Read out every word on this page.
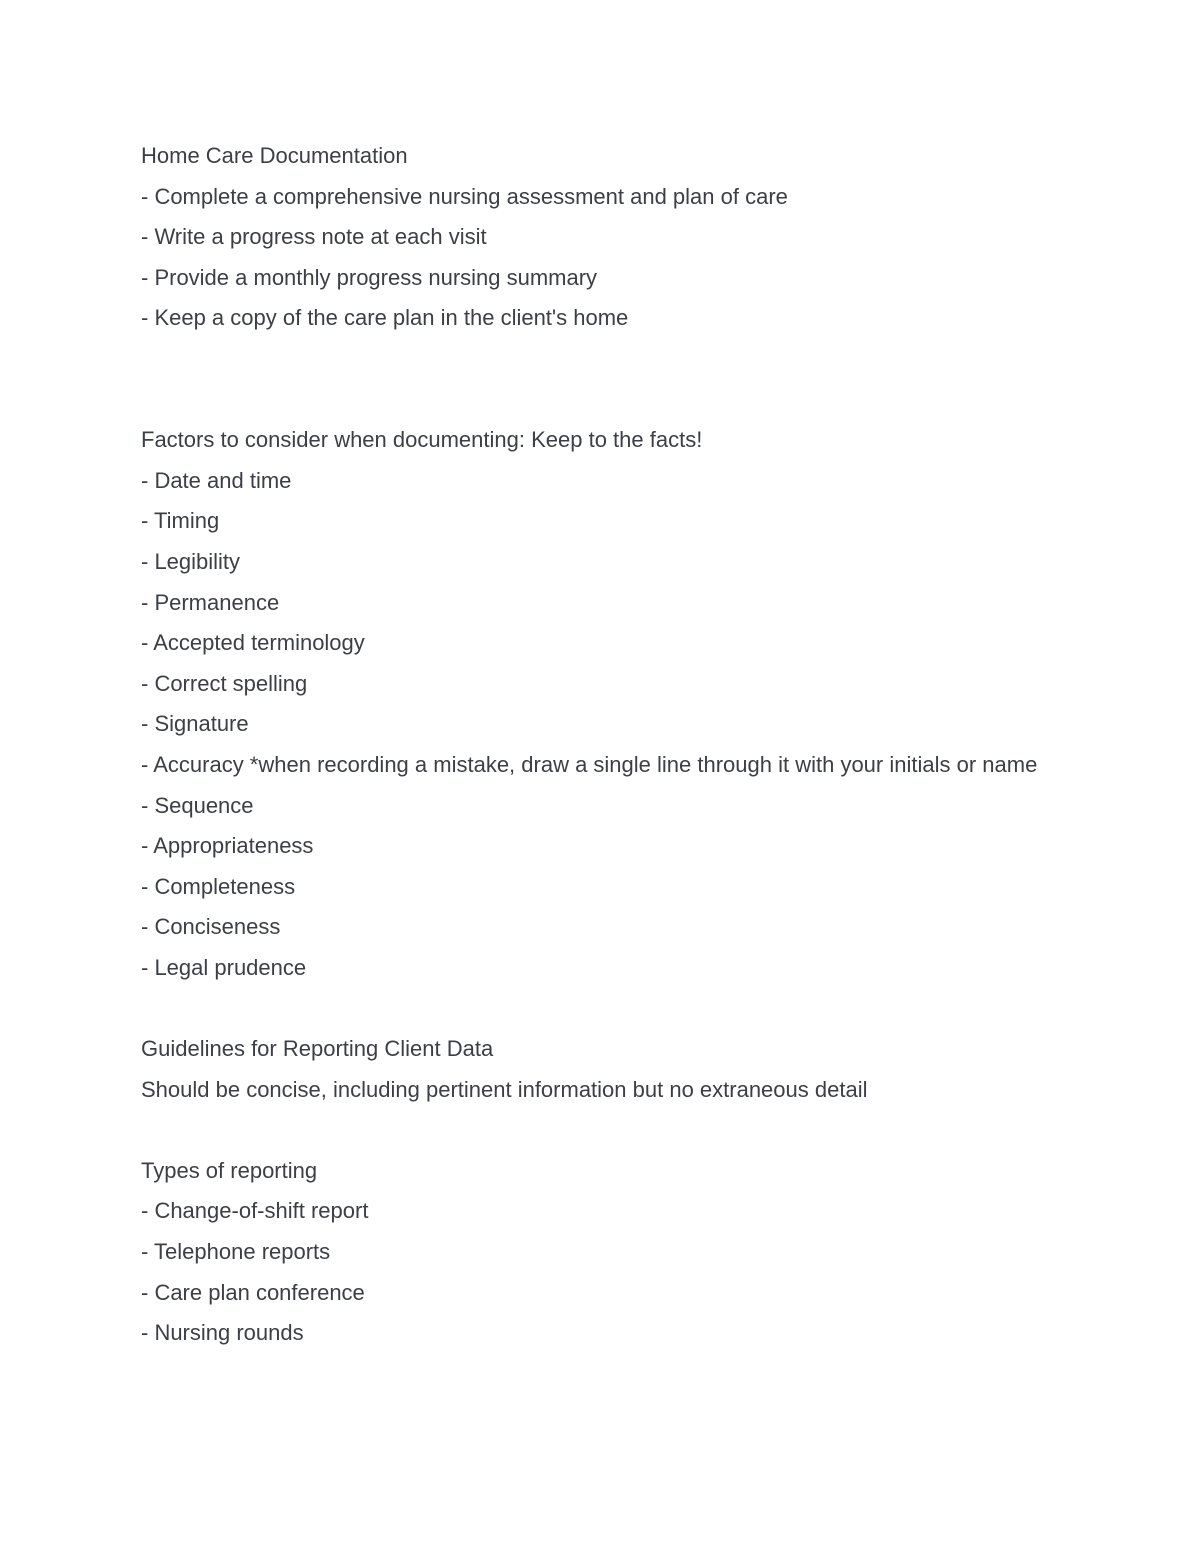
Home Care Documentation
- Complete a comprehensive nursing assessment and plan of care
- Write a progress note at each visit
- Provide a monthly progress nursing summary
- Keep a copy of the care plan in the client's home
Factors to consider when documenting: Keep to the facts!
- Date and time
- Timing
- Legibility
- Permanence
- Accepted terminology
- Correct spelling
- Signature
- Accuracy *when recording a mistake, draw a single line through it with your initials or name
- Sequence
- Appropriateness
- Completeness
- Conciseness
- Legal prudence
Guidelines for Reporting Client Data
Should be concise, including pertinent information but no extraneous detail
Types of reporting
- Change-of-shift report
- Telephone reports
- Care plan conference
- Nursing rounds
